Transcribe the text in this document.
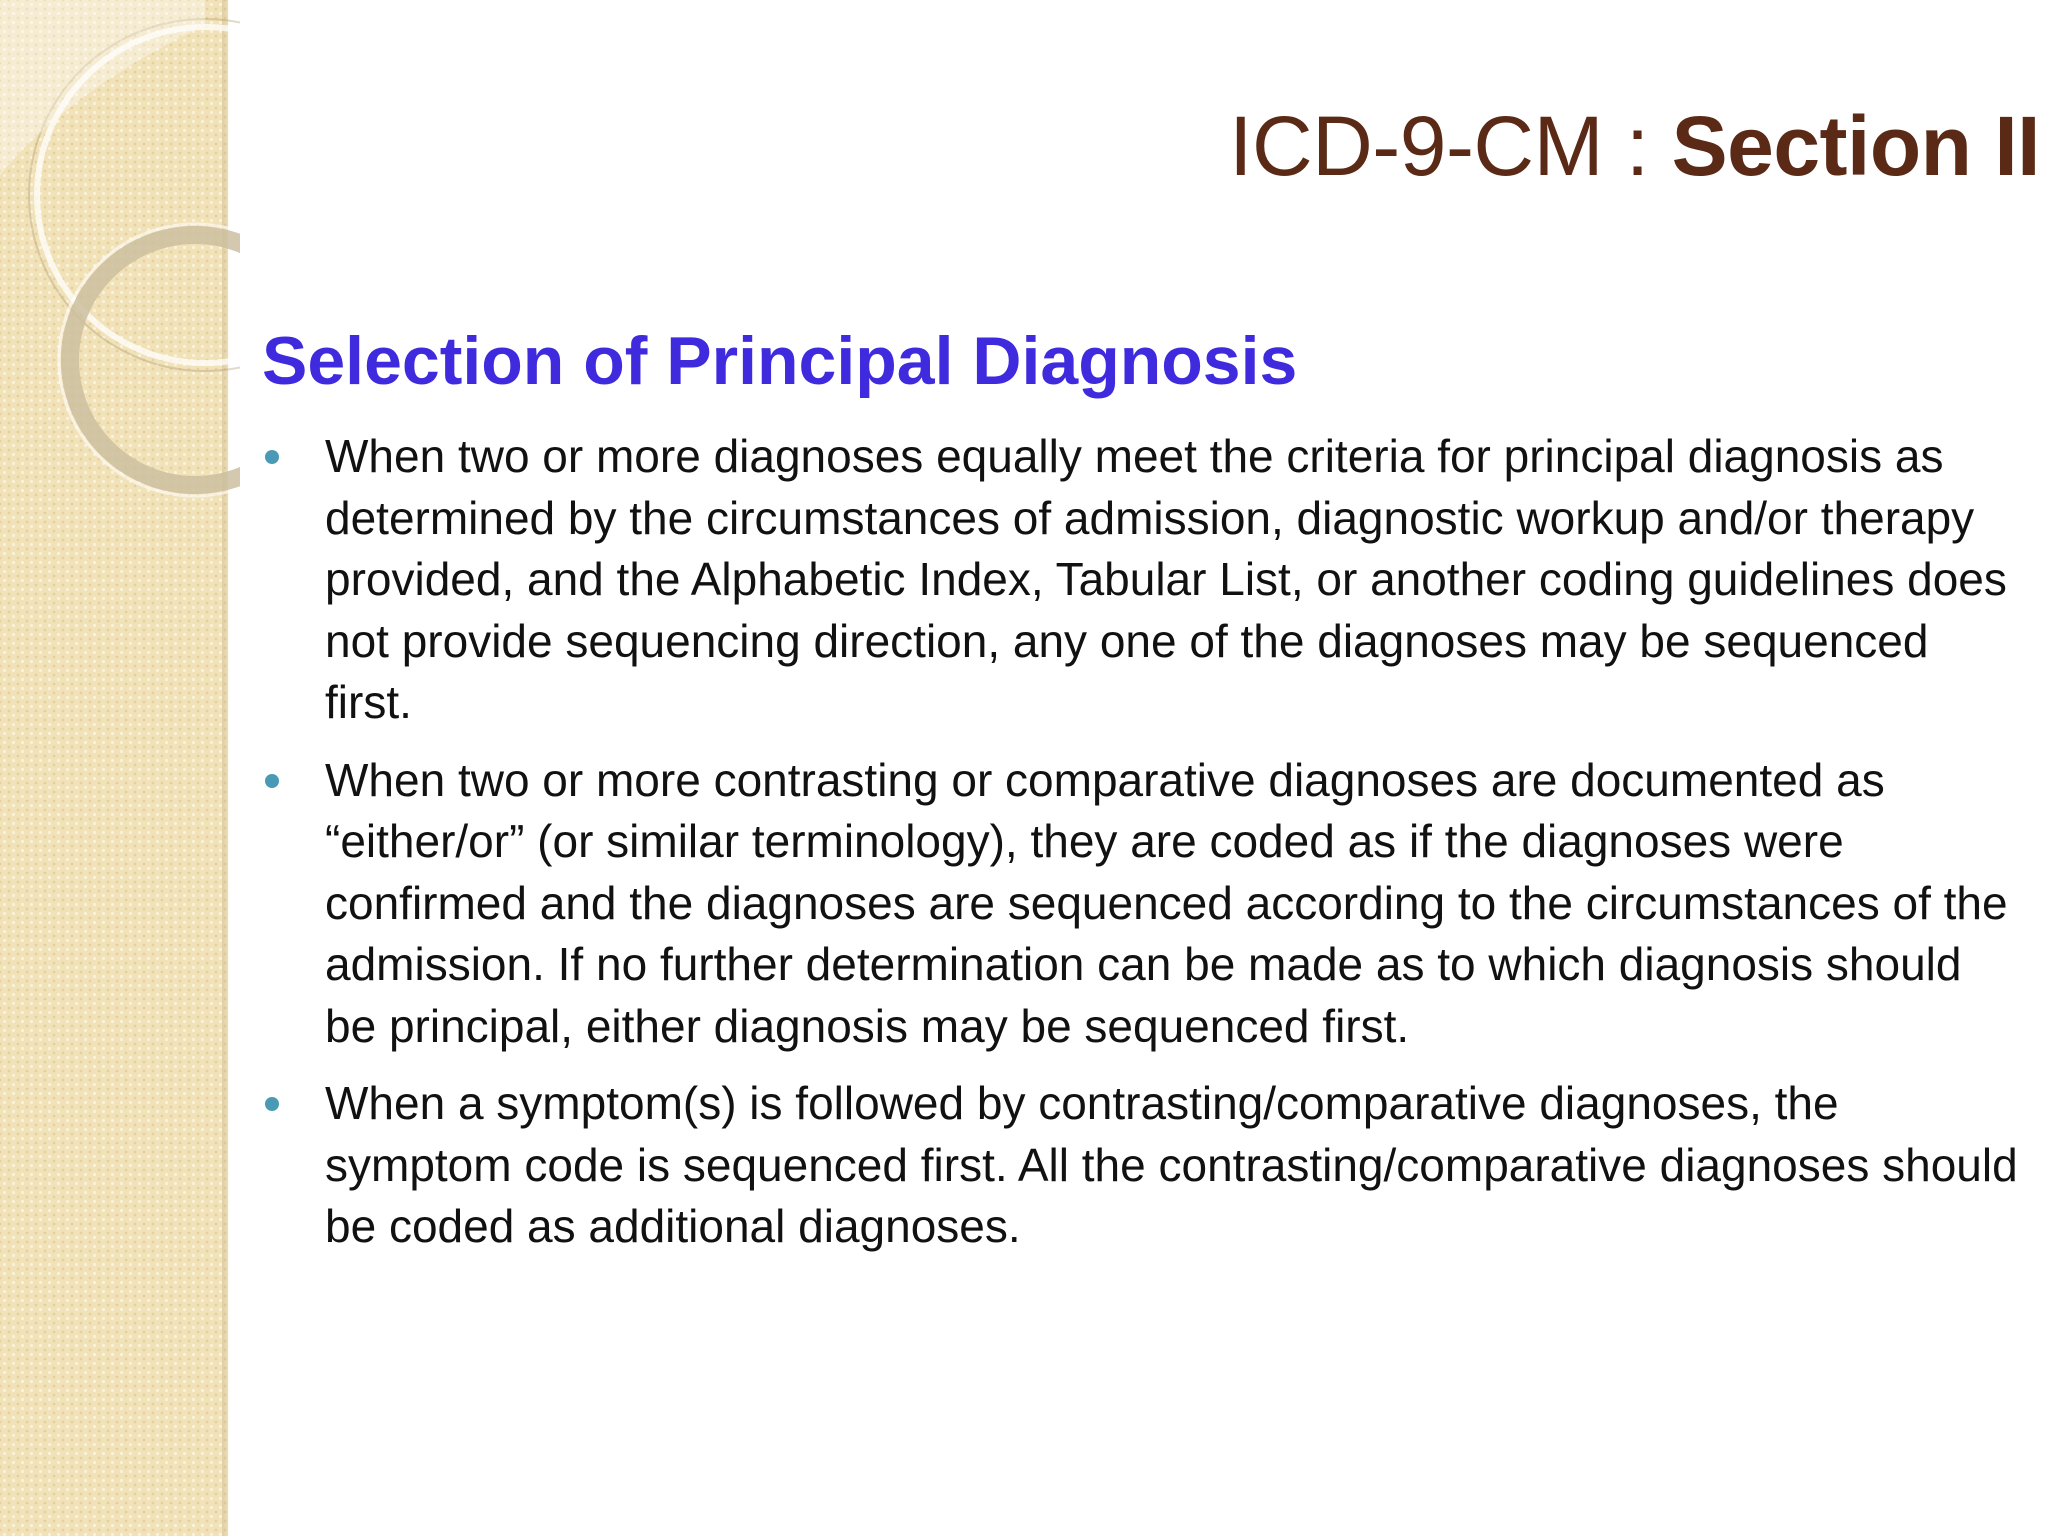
ICD-9-CM : Section II
Selection of Principal Diagnosis
When two or more diagnoses equally meet the criteria for principal diagnosis as determined by the circumstances of admission, diagnostic workup and/or therapy provided, and the Alphabetic Index, Tabular List, or another coding guidelines does not provide sequencing direction, any one of the diagnoses may be sequenced first.
When two or more contrasting or comparative diagnoses are documented as “either/or” (or similar terminology), they are coded as if the diagnoses were confirmed and the diagnoses are sequenced according to the circumstances of the admission. If no further determination can be made as to which diagnosis should be principal, either diagnosis may be sequenced first.
When a symptom(s) is followed by contrasting/comparative diagnoses, the symptom code is sequenced first. All the contrasting/comparative diagnoses should be coded as additional diagnoses.
